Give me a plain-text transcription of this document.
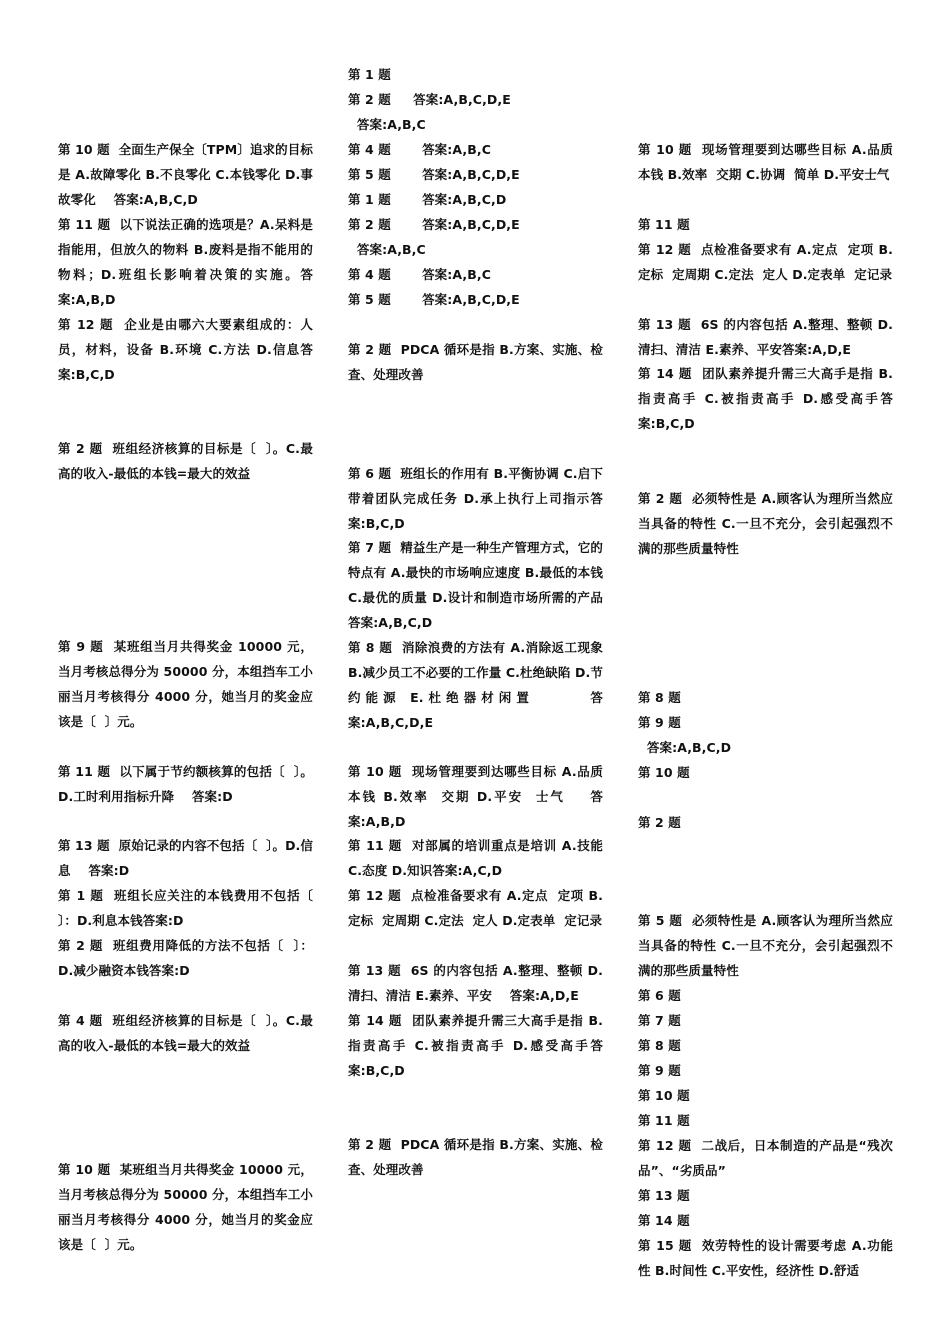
第 10 题  全面生产保全〔TPM〕追求的目标是 A.故障零化 B.不良零化 C.本钱零化 D.事故零化    答案:A,B,C,D
第 11 题  以下说法正确的选项是？A.呆料是指能用，但放久的物料 B.废料是指不能用的物料；D.班组长影响着决策的实施。答案:A,B,D
第 12 题  企业是由哪六大要素组成的：人员，材料，设备 B.环境 C.方法 D.信息答案:B,C,D
第 2 题  班组经济核算的目标是〔  〕。C.最高的收入-最低的本钱=最大的效益
第 9 题  某班组当月共得奖金 10000 元，当月考核总得分为 50000 分，本组挡车工小丽当月考核得分 4000 分，她当月的奖金应该是〔  〕元。
第 11 题  以下属于节约额核算的包括〔  〕。D.工时利用指标升降    答案:D
第 13 题  原始记录的内容不包括〔  〕。D.信息    答案:D
第 1 题  班组长应关注的本钱费用不包括〔  〕：D.利息本钱答案:D
第 2 题  班组费用降低的方法不包括〔  〕：D.减少融资本钱答案:D
第 4 题  班组经济核算的目标是〔  〕。C.最高的收入-最低的本钱=最大的效益
第 10 题  某班组当月共得奖金 10000 元，当月考核总得分为 50000 分，本组挡车工小丽当月考核得分 4000 分，她当月的奖金应该是〔  〕元。
第 1 题
第 2 题     答案:A,B,C,D,E
答案:A,B,C
第 4 题       答案:A,B,C
第 5 题       答案:A,B,C,D,E
第 1 题       答案:A,B,C,D
第 2 题       答案:A,B,C,D,E
答案:A,B,C
第 4 题       答案:A,B,C
第 5 题       答案:A,B,C,D,E
第 2 题  PDCA 循环是指 B.方案、实施、检查、处理改善
第 6 题  班组长的作用有 B.平衡协调 C.启下带着团队完成任务 D.承上执行上司指示答案:B,C,D
第 7 题  精益生产是一种生产管理方式，它的特点有 A.最快的市场响应速度 B.最低的本钱 C.最优的质量 D.设计和制造市场所需的产品    答案:A,B,C,D
第 8 题  消除浪费的方法有 A.消除返工现象 B.减少员工不必要的工作量 C.杜绝缺陷 D.节约能源 E.杜绝器材闲置      答案:A,B,C,D,E
第 10 题  现场管理要到达哪些目标 A.品质  本钱 B.效率  交期 D.平安  士气    答案:A,B,D
第 11 题  对部属的培训重点是培训 A.技能 C.态度 D.知识答案:A,C,D
第 12 题  点检准备要求有 A.定点  定项 B.定标  定周期 C.定法  定人 D.定表单  定记录
第 13 题  6S 的内容包括 A.整理、整顿 D.清扫、清洁 E.素养、平安    答案:A,D,E
第 14 题  团队素养提升需三大高手是指 B.指责高手 C.被指责高手 D.感受高手答案:B,C,D
第 2 题  PDCA 循环是指 B.方案、实施、检查、处理改善
第 10 题  现场管理要到达哪些目标 A.品质  本钱 B.效率  交期 C.协调  简单 D.平安士气
第 11 题
第 12 题  点检准备要求有 A.定点  定项 B.定标  定周期 C.定法  定人 D.定表单  定记录
第 13 题  6S 的内容包括 A.整理、整顿 D.清扫、清洁 E.素养、平安答案:A,D,E
第 14 题  团队素养提升需三大高手是指 B.指责高手 C.被指责高手 D.感受高手答案:B,C,D
第 2 题  必须特性是 A.顾客认为理所当然应当具备的特性 C.一旦不充分，会引起强烈不满的那些质量特性
第 8 题
第 9 题
答案:A,B,C,D
第 10 题
第 2 题
第 5 题  必须特性是 A.顾客认为理所当然应当具备的特性 C.一旦不充分，会引起强烈不满的那些质量特性
第 6 题
第 7 题
第 8 题
第 9 题
第 10 题
第 11 题
第 12 题  二战后，日本制造的产品是“残次品”、“劣质品”
第 13 题
第 14 题
第 15 题  效劳特性的设计需要考虑 A.功能性 B.时间性 C.平安性，经济性 D.舒适
